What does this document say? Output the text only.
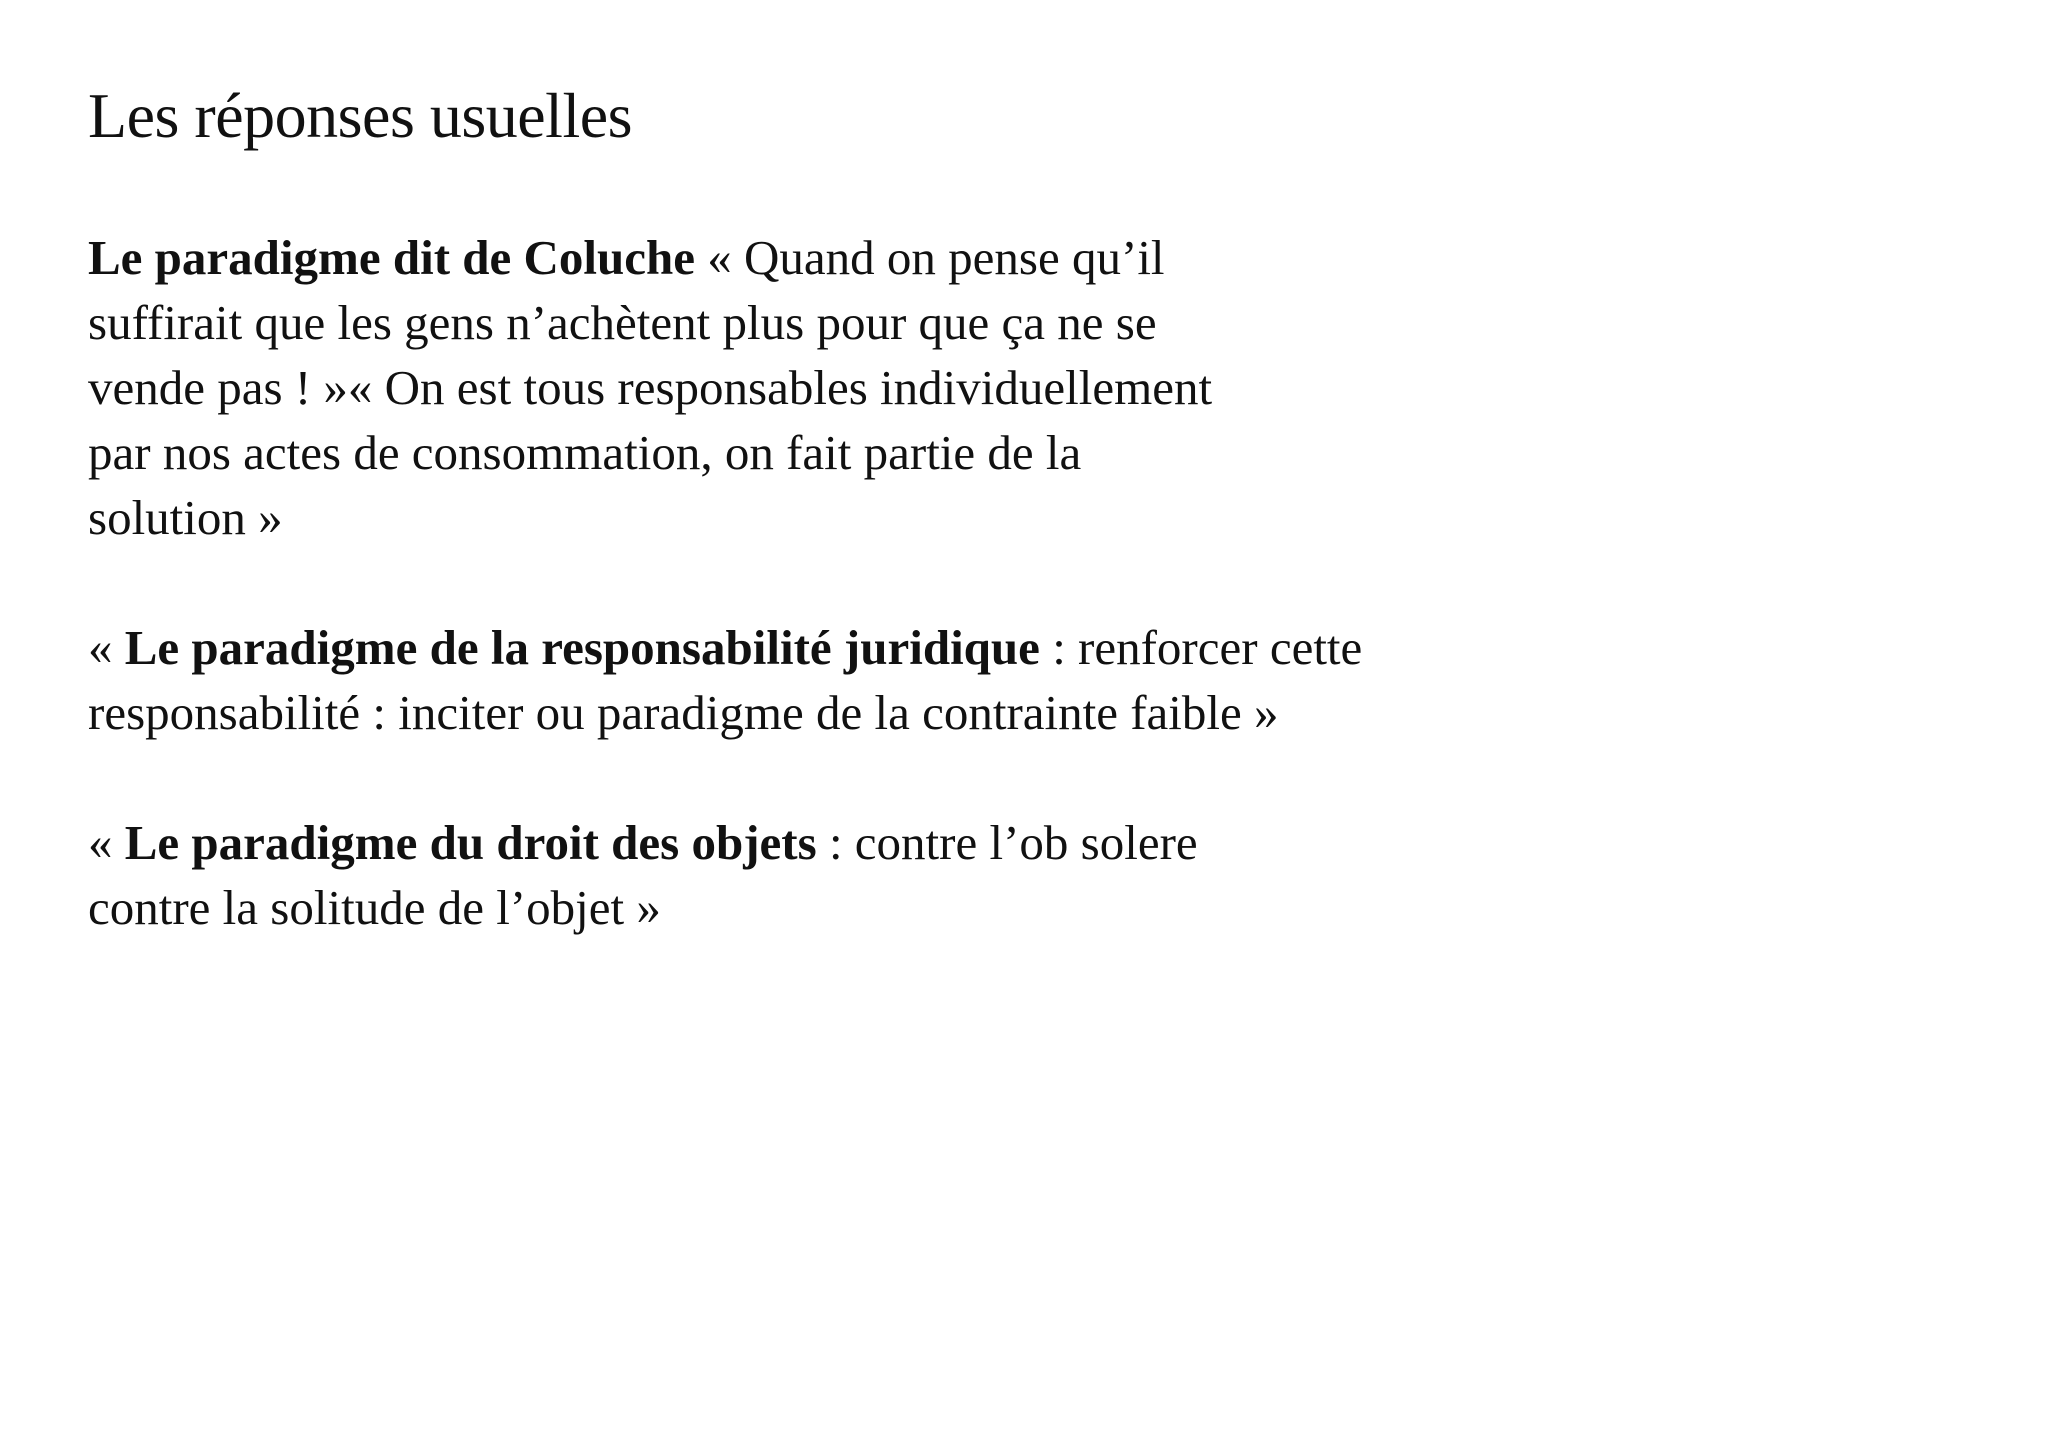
Les réponses usuelles

Le paradigme dit de Coluche « Quand on pense qu’il suffirait que les gens n’achètent plus pour que ça ne se vende pas ! »« On est tous responsables individuellement par nos actes de consommation, on fait partie de la solution »

« Le paradigme de la responsabilité juridique : renforcer cette responsabilité : inciter ou paradigme de la contrainte faible »

« Le paradigme du droit des objets : contre l’ob solere contre la solitude de l’objet »
